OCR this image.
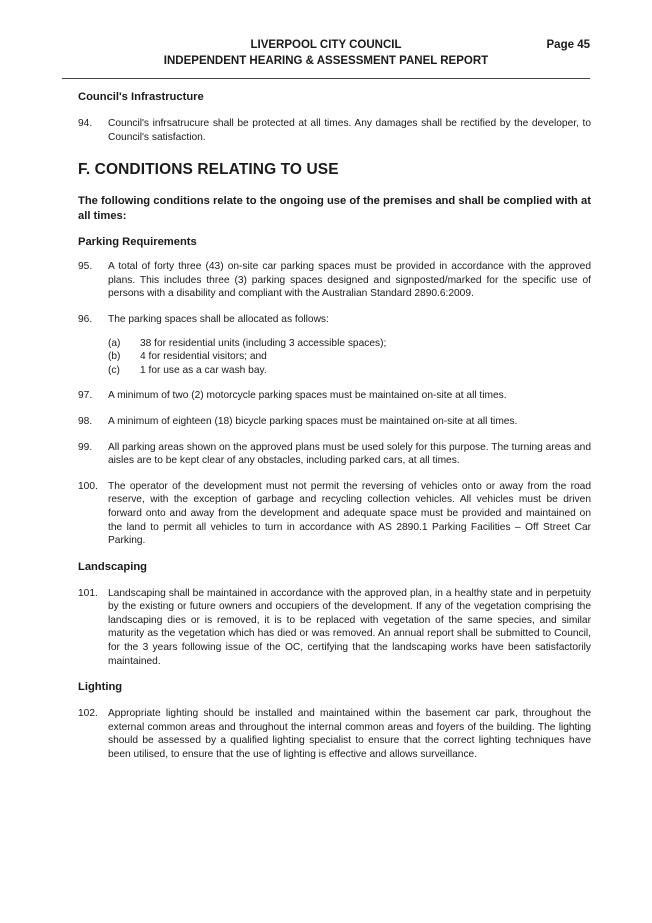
LIVERPOOL CITY COUNCIL
INDEPENDENT HEARING & ASSESSMENT PANEL REPORT
Page 45
Council's Infrastructure
94.	Council's infrsatrucure shall be protected at all times. Any damages shall be rectified by the developer, to Council's satisfaction.
F. CONDITIONS RELATING TO USE

The following conditions relate to the ongoing use of the premises and shall be complied with at all times:

Parking Requirements
95.	A total of forty three (43) on-site car parking spaces must be provided in accordance with the approved plans. This includes three (3) parking spaces designed and signposted/marked for the specific use of persons with a disability and compliant with the Australian Standard 2890.6:2009.
96.	The parking spaces shall be allocated as follows:
(a)	38 for residential units (including 3 accessible spaces);
(b)	4 for residential visitors; and
(c)	1 for use as a car wash bay.
97.	A minimum of two (2) motorcycle parking spaces must be maintained on-site at all times.
98.	A minimum of eighteen (18) bicycle parking spaces must be maintained on-site at all times.
99.	All parking areas shown on the approved plans must be used solely for this purpose. The turning areas and aisles are to be kept clear of any obstacles, including parked cars, at all times.
100. The operator of the development must not permit the reversing of vehicles onto or away from the road reserve, with the exception of garbage and recycling collection vehicles. All vehicles must be driven forward onto and away from the development and adequate space must be provided and maintained on the land to permit all vehicles to turn in accordance with AS 2890.1 Parking Facilities – Off Street Car Parking.
Landscaping
101. Landscaping shall be maintained in accordance with the approved plan, in a healthy state and in perpetuity by the existing or future owners and occupiers of the development. If any of the vegetation comprising the landscaping dies or is removed, it is to be replaced with vegetation of the same species, and similar maturity as the vegetation which has died or was removed. An annual report shall be submitted to Council, for the 3 years following issue of the OC, certifying that the landscaping works have been satisfactorily maintained.
Lighting
102. Appropriate lighting should be installed and maintained within the basement car park, throughout the external common areas and throughout the internal common areas and foyers of the building. The lighting should be assessed by a qualified lighting specialist to ensure that the correct lighting techniques have been utilised, to ensure that the use of lighting is effective and allows surveillance.
